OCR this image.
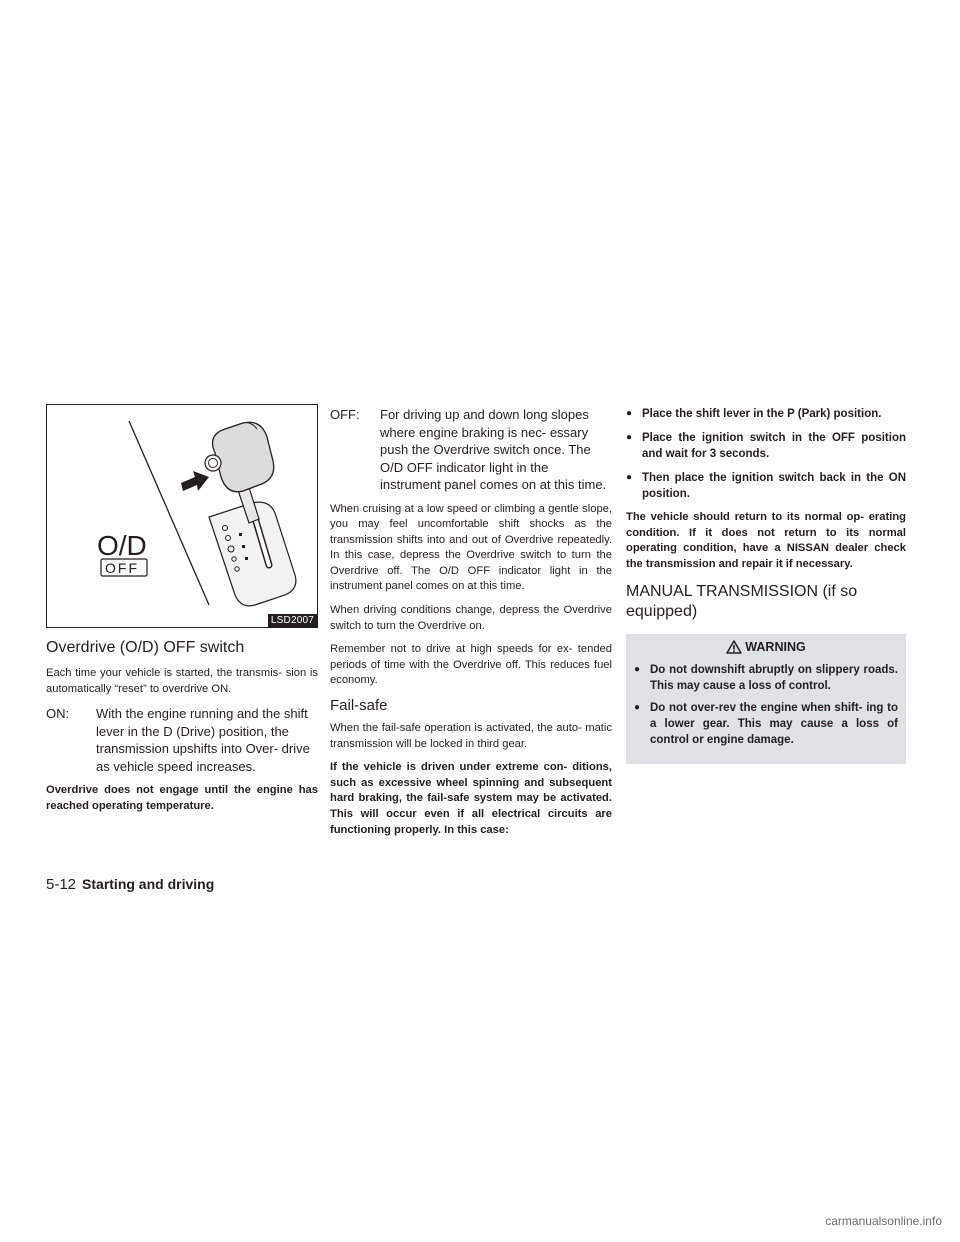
O/D
OFF
LSD2007
Overdrive (O/D) OFF switch

Each time your vehicle is started, the transmis- sion is automatically “reset” to overdrive ON.

ON:	With the engine running and the shift lever in the D (Drive) position, the transmission upshifts into Over- drive as vehicle speed increases.

Overdrive does not engage until the engine has reached operating temperature.

OFF:	For driving up and down long slopes where engine braking is nec- essary push the Overdrive switch once. The O/D OFF indicator light in the instrument panel comes on at this time.

When cruising at a low speed or climbing a gentle slope, you may feel uncomfortable shift shocks as the transmission shifts into and out of Overdrive repeatedly. In this case, depress the Overdrive switch to turn the Overdrive off. The O/D OFF indicator light in the instrument panel comes on at this time.

When driving conditions change, depress the Overdrive switch to turn the Overdrive on.

Remember not to drive at high speeds for ex- tended periods of time with the Overdrive off. This reduces fuel economy.

Fail-safe

When the fail-safe operation is activated, the auto- matic transmission will be locked in third gear.

If the vehicle is driven under extreme con- ditions, such as excessive wheel spinning and subsequent hard braking, the fail-safe system may be activated. This will occur even if all electrical circuits are functioning properly. In this case:

● Place the shift lever in the P (Park) position.
● Place the ignition switch in the OFF position and wait for 3 seconds.
● Then place the ignition switch back in the ON position.

The vehicle should return to its normal op- erating condition. If it does not return to its normal operating condition, have a NISSAN dealer check the transmission and repair it if necessary.

MANUAL TRANSMISSION (if so equipped)
WARNING
● Do not downshift abruptly on slippery roads. This may cause a loss of control.
● Do not over-rev the engine when shift- ing to a lower gear. This may cause a loss of control or engine damage.
5-12 Starting and driving
carmanualsonline.info
